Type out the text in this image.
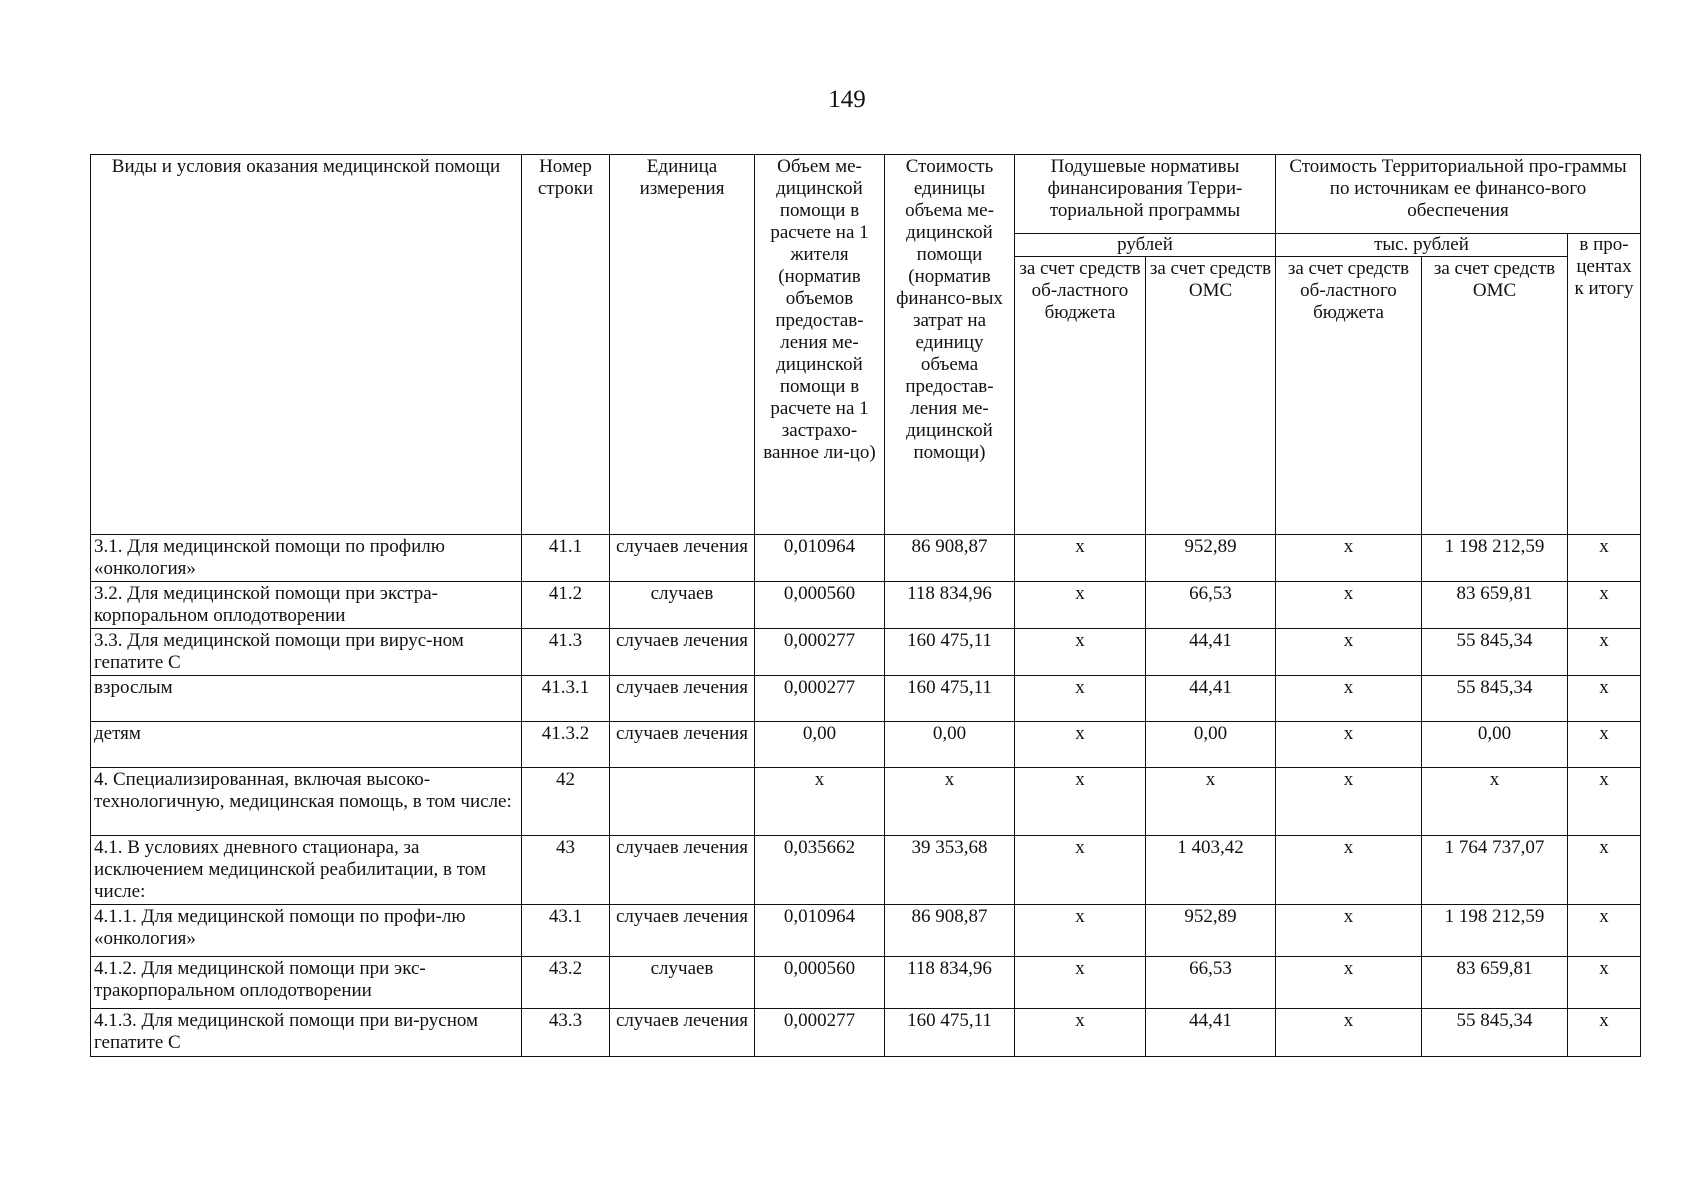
149
Виды и условия оказания медицинской помощи	Номер строки	Единица измерения	Объем ме-дицинской помощи в расчете на 1 жителя (норматив объемов предостав-ления ме-дицинской помощи в расчете на 1 застрахо-ванное ли-цо)	Стоимость единицы объема ме-дицинской помощи (норматив финансо-вых затрат на единицу объема предостав-ления ме-дицинской помощи)	Подушевые нормативы финансирования Терри-ториальной программы		Стоимость Территориальной про-граммы по источникам ее финансо-вого обеспечения		
					рублей		тыс. рублей		в про-центах к итогу
					за счет средств об-ластного бюджета	за счет средств ОМС	за счет средств об-ластного бюджета	за счет средств ОМС	
3.1. Для медицинской помощи по профилю «онкология»	41.1	случаев лечения	0,010964	86 908,87	х	952,89	х	1 198 212,59	х
3.2. Для медицинской помощи при экстра-корпоральном оплодотворении	41.2	случаев	0,000560	118 834,96	х	66,53	х	83 659,81	х
3.3. Для медицинской помощи при вирус-ном гепатите С	41.3	случаев лечения	0,000277	160 475,11	х	44,41	х	55 845,34	х
взрослым	41.3.1	случаев лечения	0,000277	160 475,11	х	44,41	х	55 845,34	х
детям	41.3.2	случаев лечения	0,00	0,00	х	0,00	х	0,00	х
4. Специализированная, включая высоко-технологичную, медицинская помощь, в том числе:	42		х	х	х	х	х	х	х
4.1. В условиях дневного стационара, за исключением медицинской реабилитации, в том числе:	43	случаев лечения	0,035662	39 353,68	х	1 403,42	х	1 764 737,07	х
4.1.1. Для медицинской помощи по профи-лю «онкология»	43.1	случаев лечения	0,010964	86 908,87	х	952,89	х	1 198 212,59	х
4.1.2. Для медицинской помощи при экс-тракорпоральном оплодотворении	43.2	случаев	0,000560	118 834,96	х	66,53	х	83 659,81	х
4.1.3. Для медицинской помощи при ви-русном гепатите С	43.3	случаев лечения	0,000277	160 475,11	х	44,41	х	55 845,34	х
